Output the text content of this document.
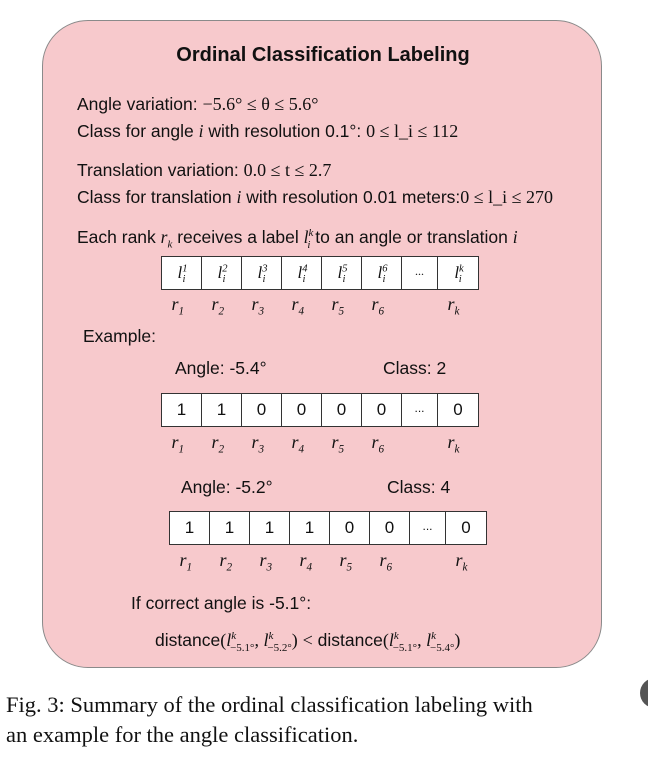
Ordinal Classification Labeling
Angle variation: −5.6° ≤ θ ≤ 5.6°
Class for angle i with resolution 0.1°: 0 ≤ l_i ≤ 112
Translation variation: 0.0 ≤ t ≤ 2.7
Class for translation i with resolution 0.01 meters:0 ≤ l_i ≤ 270
Each rank $r_k$ receives a label $l^k_i$ to an angle or translation i
$l^1_i$ $l^2_i$ $l^3_i$ $l^4_i$ $l^5_i$ $l^6_i$
... $l^k_i$
$r_1$ $r_2$ $r_3$ $r_4$ $r_5$ $r_6$	$r_k$
Example:
Angle: -5.4°	Class: 2
1 1 0 0 0 0 ... 0
$r_1$ $r_2$ $r_3$ $r_4$ $r_5$ $r_6$	$r_k$
Angle: -5.2°	Class: 4
1 1 1 1 0 0 ... 0
$r_1$ $r_2$ $r_3$ $r_4$ $r_5$ $r_6$	$r_k$
If correct angle is -5.1°:
$distance(l^k_{-5.1^\circ}$, $l^k_{-5.2^\circ}$) < $distance(l^k_{-5.1^\circ}$, $l^k_{-5.4^\circ}$)
Fig. 3: Summary of the ordinal classification labeling with
an example for the angle classification.
